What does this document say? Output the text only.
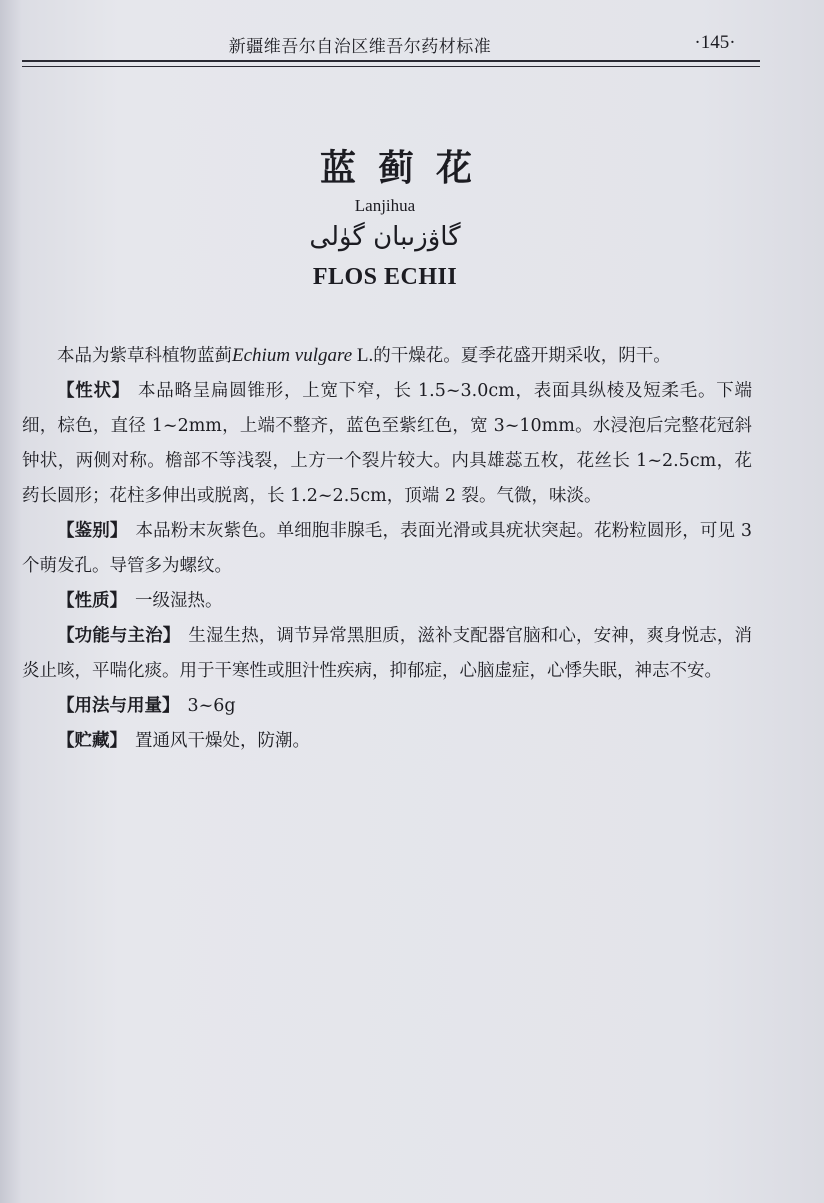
新疆维吾尔自治区维吾尔药材标准	·145·
蓝蓟花
Lanjihua
گاۋزىبان گۈلى
FLOS ECHII

本品为紫草科植物蓝蓟Echium vulgare L.的干燥花。夏季花盛开期采收，阴干。

【性状】 本品略呈扁圆锥形，上宽下窄，长 1.5~3.0cm，表面具纵棱及短柔毛。下端细，棕色，直径 1~2mm，上端不整齐，蓝色至紫红色，宽 3~10mm。水浸泡后完整花冠斜钟状，两侧对称。檐部不等浅裂，上方一个裂片较大。内具雄蕊五枚，花丝长 1~2.5cm，花药长圆形；花柱多伸出或脱离，长 1.2~2.5cm，顶端 2 裂。气微，味淡。

【鉴别】 本品粉末灰紫色。单细胞非腺毛，表面光滑或具疣状突起。花粉粒圆形，可见 3 个萌发孔。导管多为螺纹。

【性质】 一级湿热。

【功能与主治】 生湿生热，调节异常黑胆质，滋补支配器官脑和心，安神，爽身悦志，消炎止咳，平喘化痰。用于干寒性或胆汁性疾病，抑郁症，心脑虚症，心悸失眠，神志不安。

【用法与用量】 3~6g

【贮藏】 置通风干燥处，防潮。
